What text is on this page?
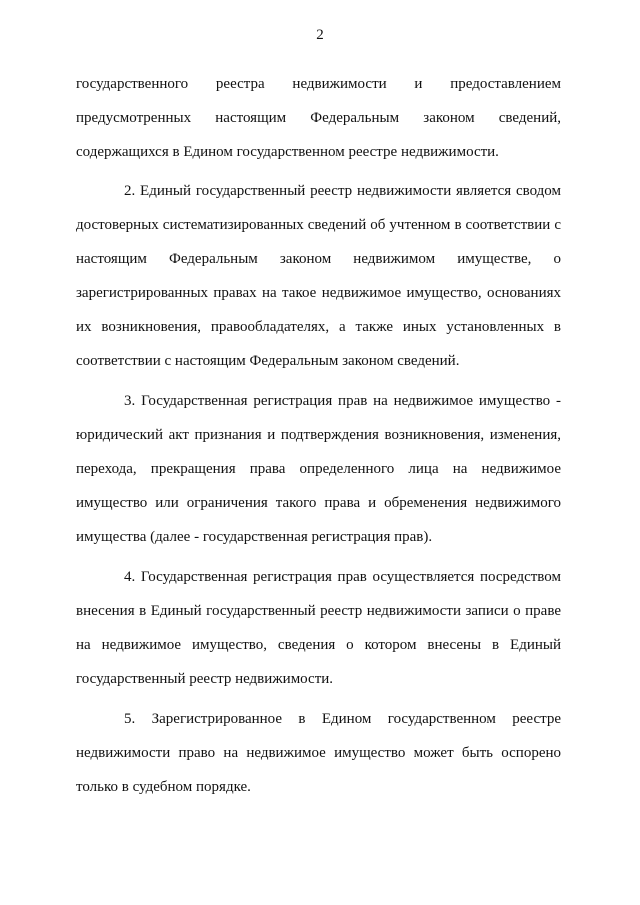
2

государственного реестра недвижимости и предоставлением предусмотренных настоящим Федеральным законом сведений, содержащихся в Едином государственном реестре недвижимости.

2. Единый государственный реестр недвижимости является сводом достоверных систематизированных сведений об учтенном в соответствии с настоящим Федеральным законом недвижимом имуществе, о зарегистрированных правах на такое недвижимое имущество, основаниях их возникновения, правообладателях, а также иных установленных в соответствии с настоящим Федеральным законом сведений.

3. Государственная регистрация прав на недвижимое имущество - юридический акт признания и подтверждения возникновения, изменения, перехода, прекращения права определенного лица на недвижимое имущество или ограничения такого права и обременения недвижимого имущества (далее - государственная регистрация прав).

4. Государственная регистрация прав осуществляется посредством внесения в Единый государственный реестр недвижимости записи о праве на недвижимое имущество, сведения о котором внесены в Единый государственный реестр недвижимости.

5. Зарегистрированное в Едином государственном реестре недвижимости право на недвижимое имущество может быть оспорено только в судебном порядке.
